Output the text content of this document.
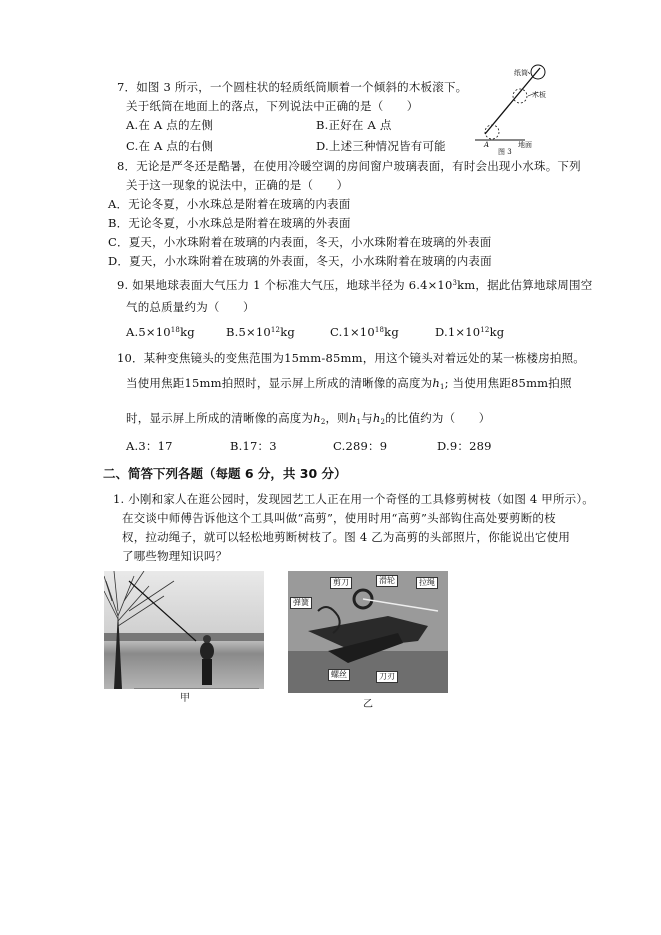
7．如图 3 所示，一个圆柱状的轻质纸筒顺着一个倾斜的木板滚下。
关于纸筒在地面上的落点，下列说法中正确的是（　　）
A.在 A 点的左侧	B.正好在 A 点
C.在 A 点的右侧	D.上述三种情况皆有可能
纸筒
木板
A	地面
图 3
8．无论是严冬还是酷暑，在使用冷暖空调的房间窗户玻璃表面，有时会出现小水珠。下列
关于这一现象的说法中，正确的是（　　）
A．无论冬夏，小水珠总是附着在玻璃的内表面
B．无论冬夏，小水珠总是附着在玻璃的外表面
C．夏天，小水珠附着在玻璃的内表面，冬天，小水珠附着在玻璃的外表面
D．夏天，小水珠附着在玻璃的外表面，冬天，小水珠附着在玻璃的内表面
9. 如果地球表面大气压力 1 个标准大气压，地球半径为 $6.4\times 10^3km$，据此估算地球周围空
气的总质量约为（　　）
$A.5\times 10^{18}kg$	$B.5\times 10^{12}kg$	$C.1\times 10^{18}kg$	$D.1\times 10^{12}kg$
10．某种变焦镜头的变焦范围为15mm-85mm，用这个镜头对着远处的某一栋楼房拍照。
当使用焦距15mm拍照时，显示屏上所成的清晰像的高度为$h_1$; 当使用焦距85mm拍照
时，显示屏上所成的清晰像的高度为$h_2$，则$h_1$与$h_2$的比值约为（　　）
A.3：17	B.17：3	C.289：9	D.9：289
二、简答下列各题（每题 6 分，共 30 分）
1. 小刚和家人在逛公园时，发现园艺工人正在用一个奇怪的工具修剪树枝（如图 4 甲所示）。
在交谈中师傅告诉他这个工具叫做“高剪”，使用时用“高剪”头部钩住高处要剪断的枝
杈，拉动绳子，就可以轻松地剪断树枝了。图 4 乙为高剪的头部照片，你能说出它使用
了哪些物理知识吗？
甲
剪刀	滑轮	拉绳
弹簧
螺丝	刀刃
乙
